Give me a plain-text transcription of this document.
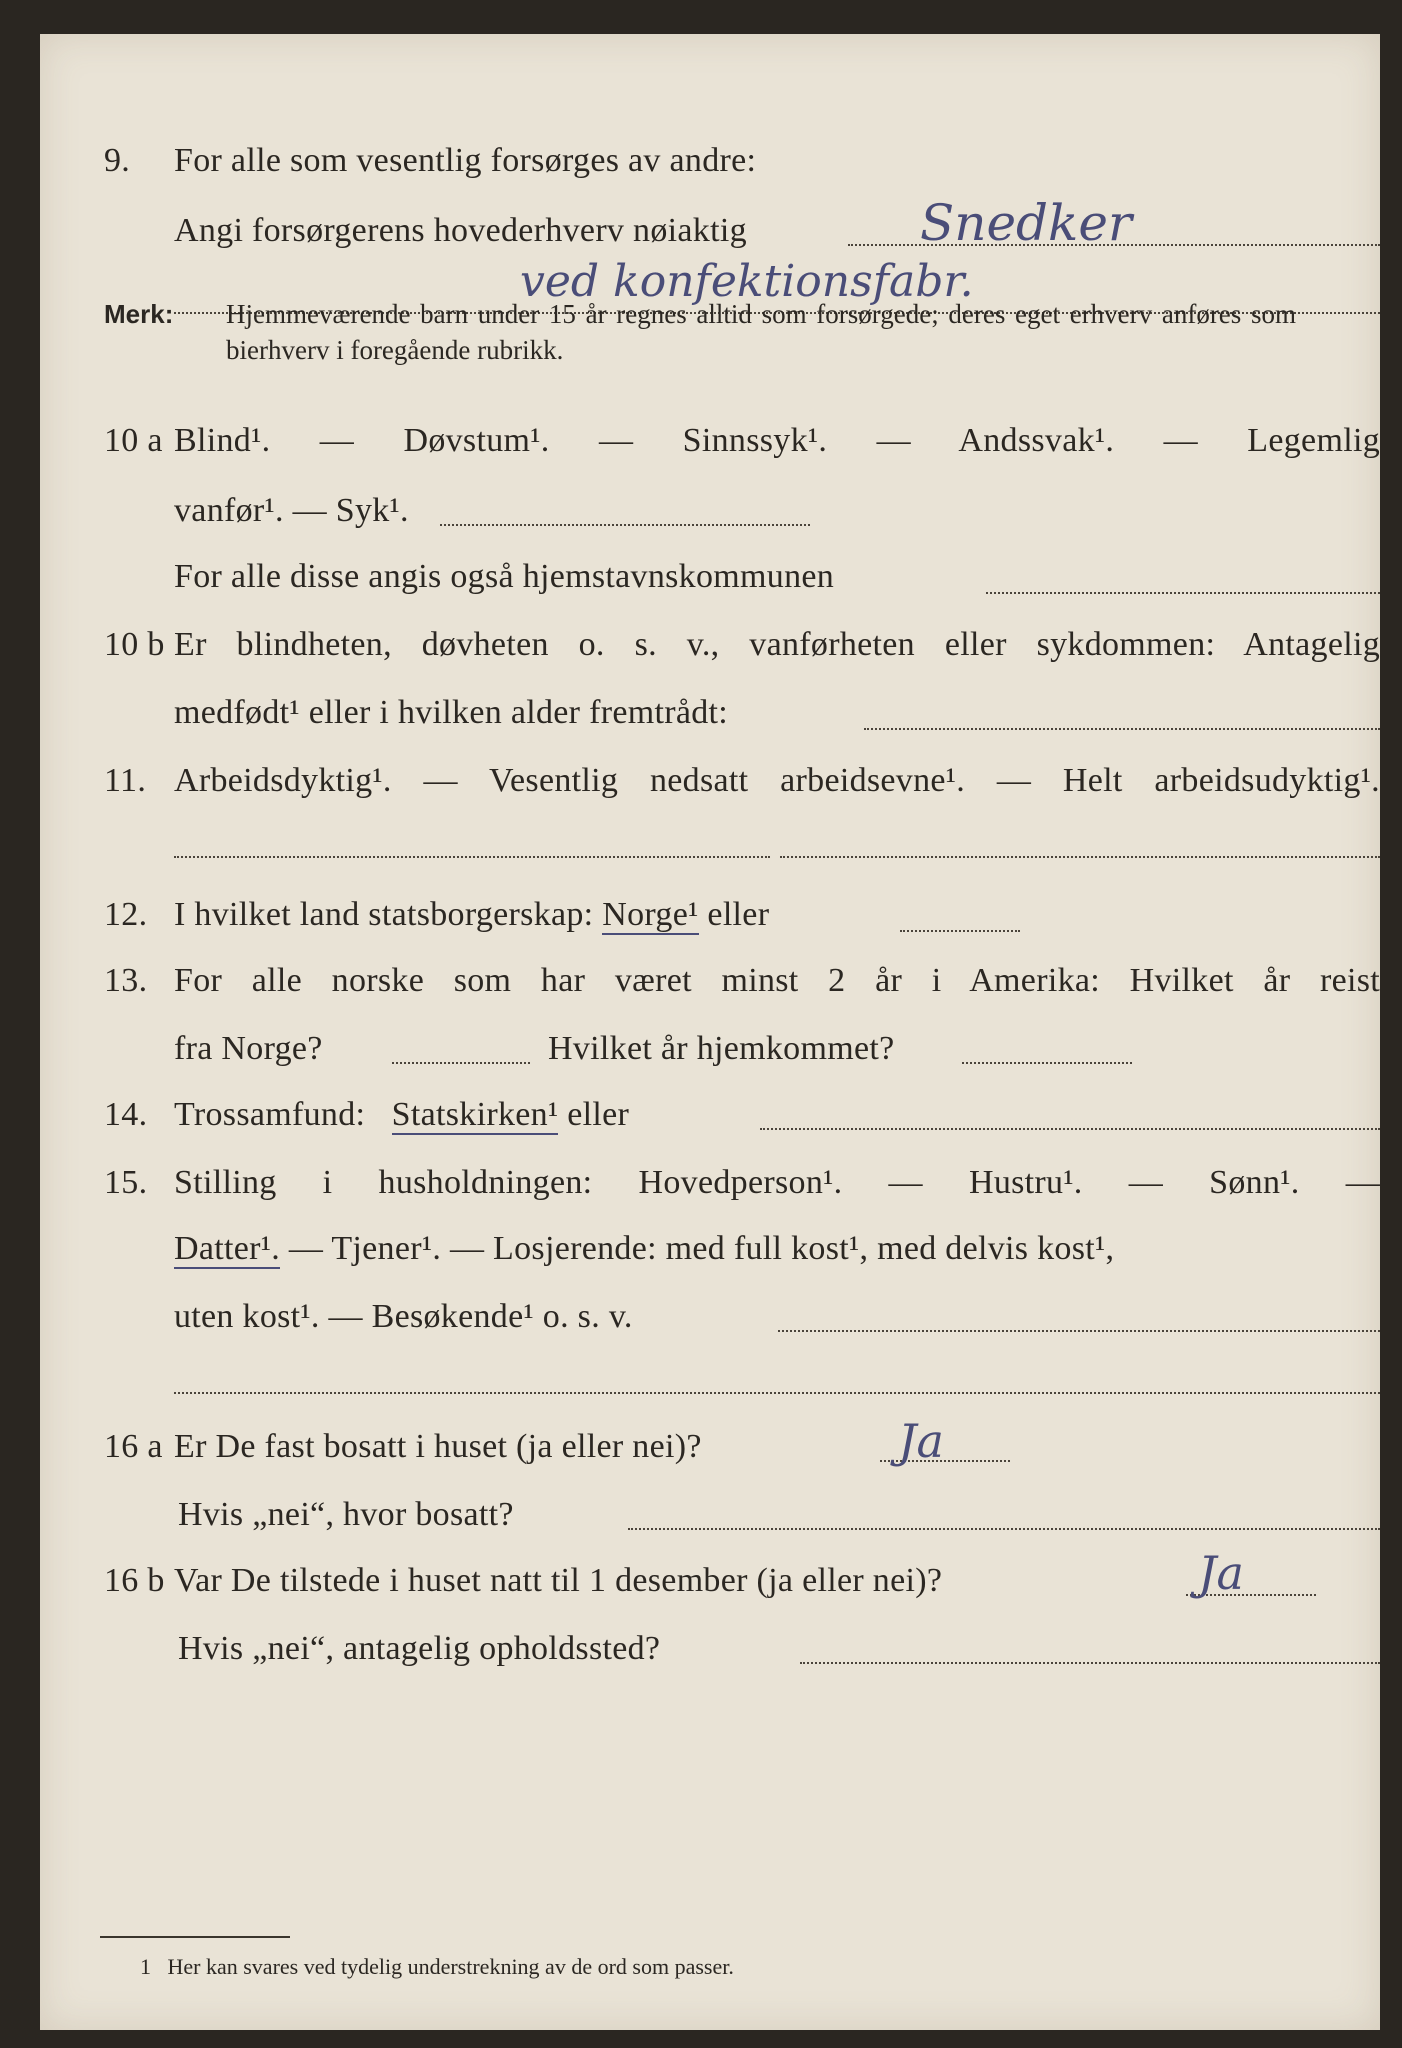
9. For alle som vesentlig forsørges av andre:
Angi forsørgerens hovederhverv nøiaktig	Snedker
ved konfektionsfabr.
Merk: Hjemmeværende barn under 15 år regnes alltid som forsørgede; deres eget erhverv anføres som bierhverv i foregående rubrikk.
10 a Blind¹. — Døvstum¹. — Sinnssyk¹. — Andssvak¹. — Legemlig
vanfør¹. — Syk¹.
For alle disse angis også hjemstavnskommunen
10 b Er blindheten, døvheten o. s. v., vanførheten eller sykdommen: Antagelig
medfødt¹ eller i hvilken alder fremtrådt:
11. Arbeidsdyktig¹. — Vesentlig nedsatt arbeidsevne¹. — Helt arbeidsudyktig¹.
12. I hvilket land statsborgerskap: Norge¹ eller
13. For alle norske som har været minst 2 år i Amerika: Hvilket år reist
fra Norge?	Hvilket år hjemkommet?
14. Trossamfund: Statskirken¹ eller
15. Stilling i husholdningen: Hovedperson¹. — Hustru¹. — Sønn¹. —
Datter¹. — Tjener¹. — Losjerende: med full kost¹, med delvis kost¹,
uten kost¹. — Besøkende¹ o. s. v.
16 a Er De fast bosatt i huset (ja eller nei)?	Ja
Hvis „nei“, hvor bosatt?
16 b Var De tilstede i huset natt til 1 desember (ja eller nei)?	Ja
Hvis „nei“, antagelig opholdssted?
1 Her kan svares ved tydelig understrekning av de ord som passer.
